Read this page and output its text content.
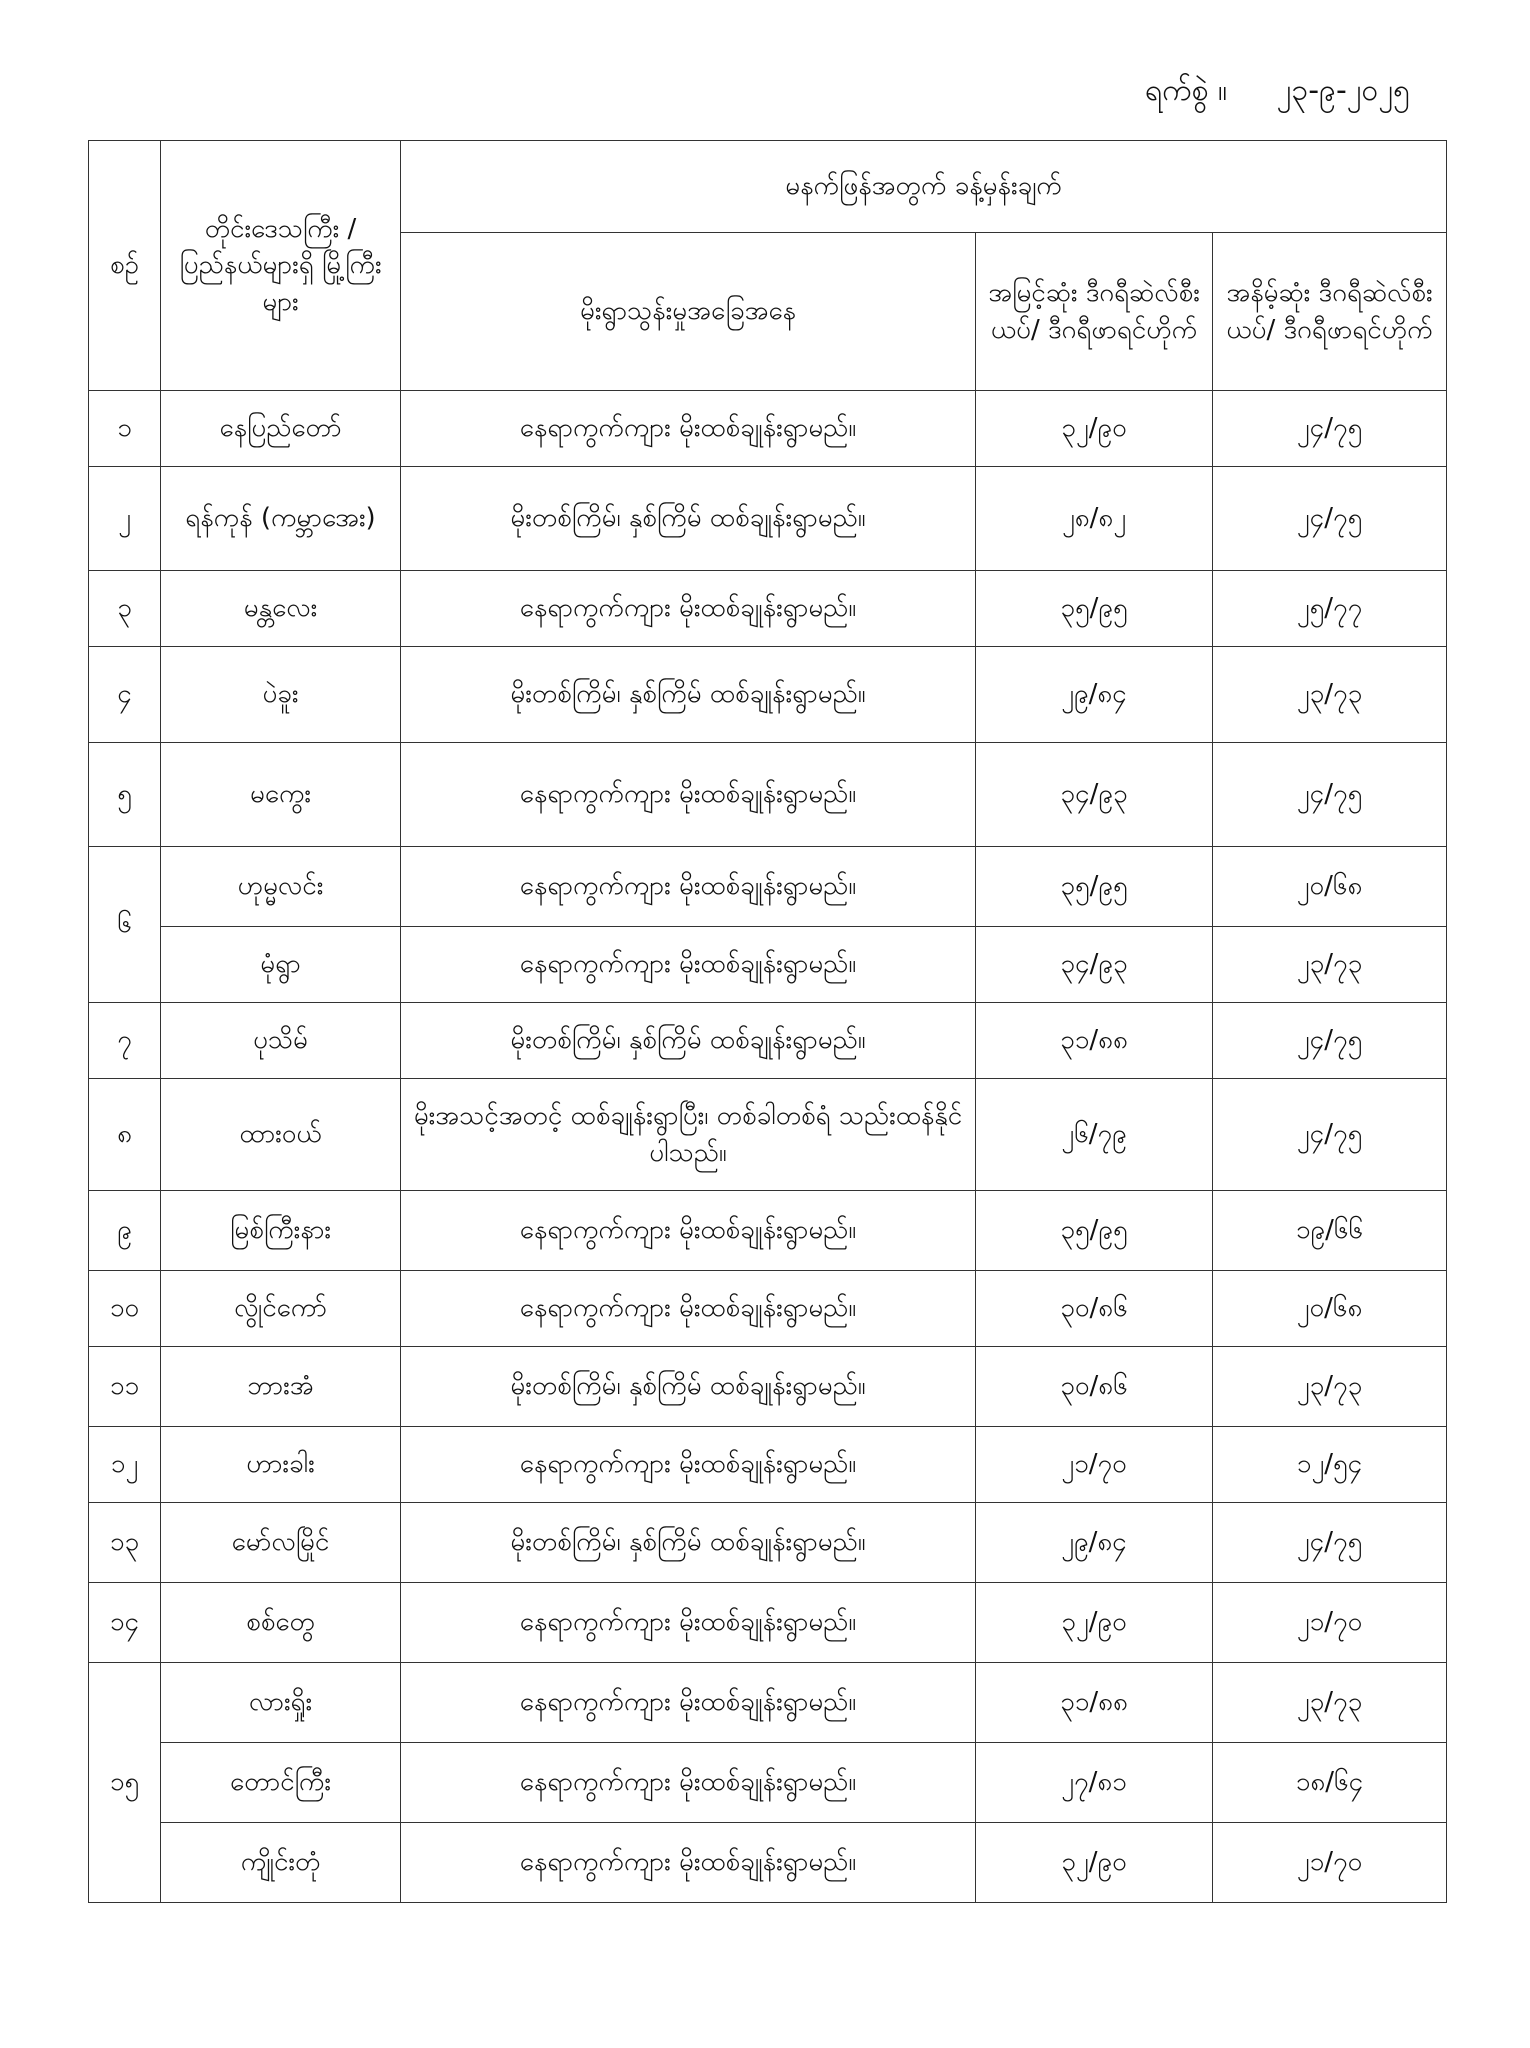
ရက်စွဲ ။ ၂၃-၉-၂၀၂၅
စဉ်	တိုင်းဒေသကြီး / ပြည်နယ်များရှိ မြို့ကြီးများ	မနက်ဖြန်အတွက် ခန့်မှန်းချက်		
		မိုးရွာသွန်းမှုအခြေအနေ	အမြင့်ဆုံး ဒီဂရီဆဲလ်စီးယပ်/ ဒီဂရီဖာရင်ဟိုက်	အနိမ့်ဆုံး ဒီဂရီဆဲလ်စီးယပ်/ ဒီဂရီဖာရင်ဟိုက်
၁	နေပြည်တော်	နေရာကွက်ကျား မိုးထစ်ချုန်းရွာမည်။	၃၂/၉၀	၂၄/၇၅
၂	ရန်ကုန် (ကမ္ဘာအေး)	မိုးတစ်ကြိမ်၊ နှစ်ကြိမ် ထစ်ချုန်းရွာမည်။	၂၈/၈၂	၂၄/၇၅
၃	မန္တလေး	နေရာကွက်ကျား မိုးထစ်ချုန်းရွာမည်။	၃၅/၉၅	၂၅/၇၇
၄	ပဲခူး	မိုးတစ်ကြိမ်၊ နှစ်ကြိမ် ထစ်ချုန်းရွာမည်။	၂၉/၈၄	၂၃/၇၃
၅	မကွေး	နေရာကွက်ကျား မိုးထစ်ချုန်းရွာမည်။	၃၄/၉၃	၂၄/၇၅
၆	ဟုမ္မလင်း	နေရာကွက်ကျား မိုးထစ်ချုန်းရွာမည်။	၃၅/၉၅	၂၀/၆၈
	မုံရွာ	နေရာကွက်ကျား မိုးထစ်ချုန်းရွာမည်။	၃၄/၉၃	၂၃/၇၃
၇	ပုသိမ်	မိုးတစ်ကြိမ်၊ နှစ်ကြိမ် ထစ်ချုန်းရွာမည်။	၃၁/၈၈	၂၄/၇၅
၈	ထားဝယ်	မိုးအသင့်အတင့် ထစ်ချုန်းရွာပြီး၊ တစ်ခါတစ်ရံ သည်းထန်နိုင်ပါသည်။	၂၆/၇၉	၂၄/၇၅
၉	မြစ်ကြီးနား	နေရာကွက်ကျား မိုးထစ်ချုန်းရွာမည်။	၃၅/၉၅	၁၉/၆၆
၁၀	လွိုင်ကော်	နေရာကွက်ကျား မိုးထစ်ချုန်းရွာမည်။	၃၀/၈၆	၂၀/၆၈
၁၁	ဘားအံ	မိုးတစ်ကြိမ်၊ နှစ်ကြိမ် ထစ်ချုန်းရွာမည်။	၃၀/၈၆	၂၃/၇၃
၁၂	ဟားခါး	နေရာကွက်ကျား မိုးထစ်ချုန်းရွာမည်။	၂၁/၇၀	၁၂/၅၄
၁၃	မော်လမြိုင်	မိုးတစ်ကြိမ်၊ နှစ်ကြိမ် ထစ်ချုန်းရွာမည်။	၂၉/၈၄	၂၄/၇၅
၁၄	စစ်တွေ	နေရာကွက်ကျား မိုးထစ်ချုန်းရွာမည်။	၃၂/၉၀	၂၁/၇၀
၁၅	လားရှိုး	နေရာကွက်ကျား မိုးထစ်ချုန်းရွာမည်။	၃၁/၈၈	၂၃/၇၃
	တောင်ကြီး	နေရာကွက်ကျား မိုးထစ်ချုန်းရွာမည်။	၂၇/၈၁	၁၈/၆၄
	ကျိုင်းတုံ	နေရာကွက်ကျား မိုးထစ်ချုန်းရွာမည်။	၃၂/၉၀	၂၁/၇၀
